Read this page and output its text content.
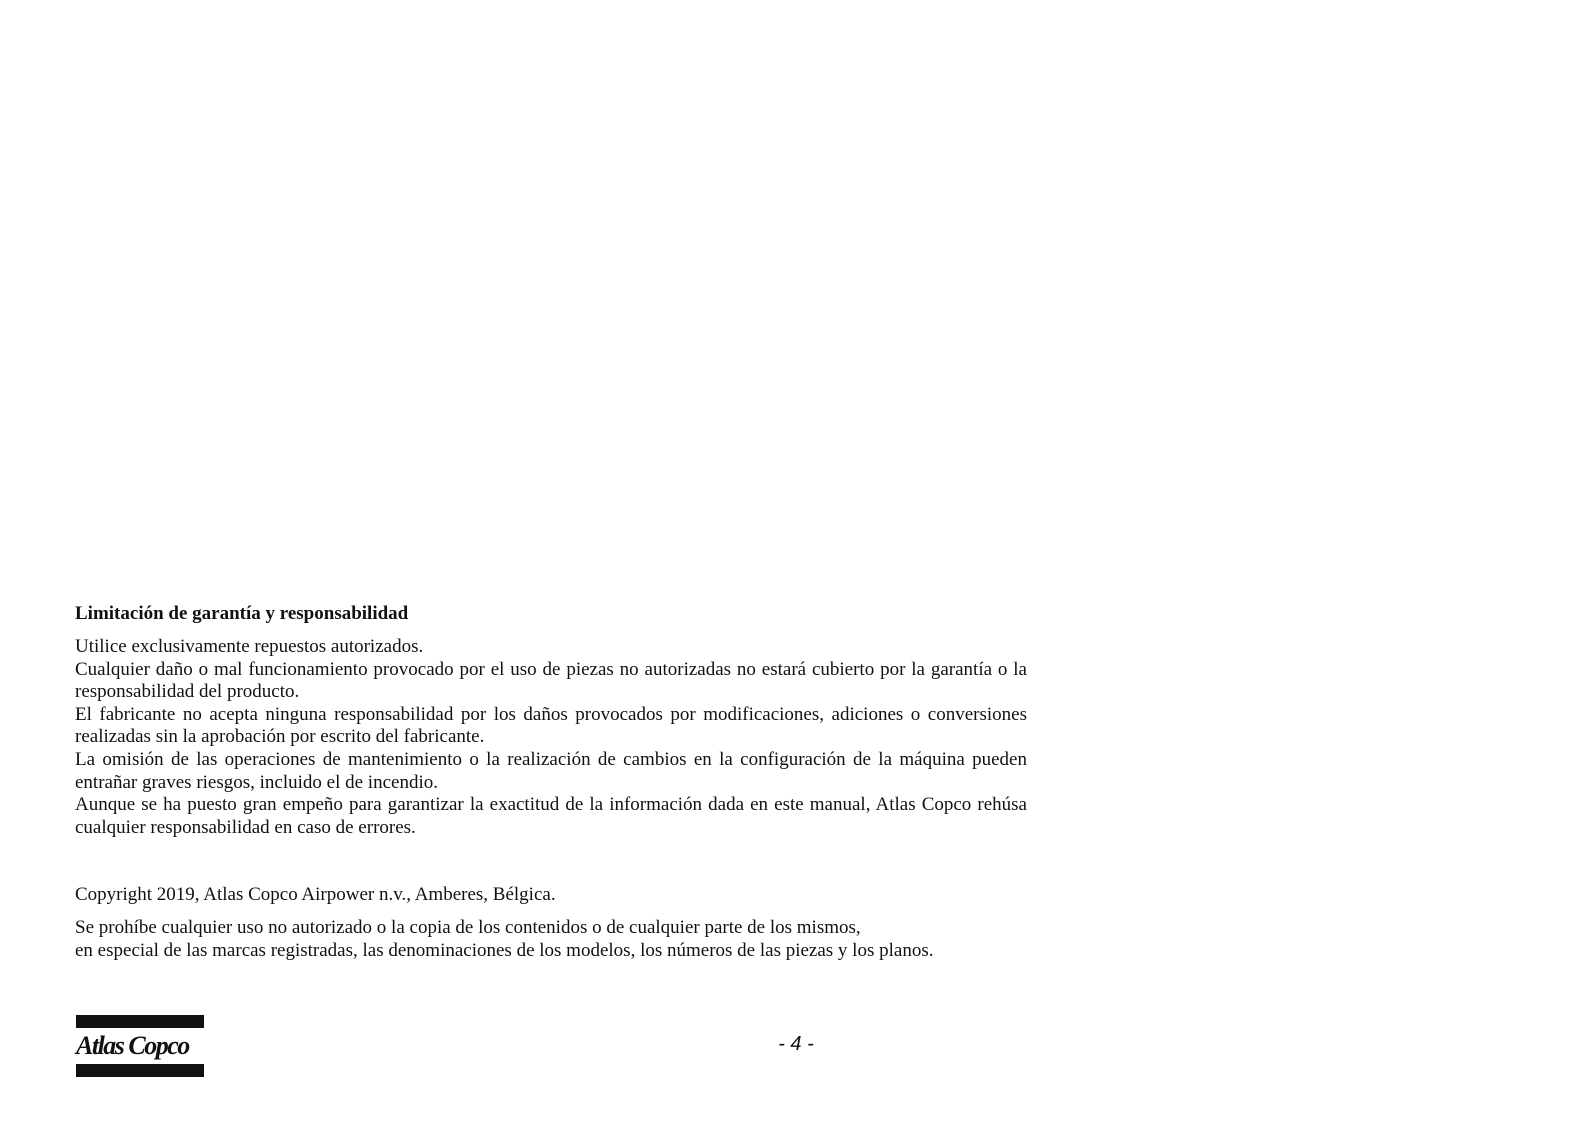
Limitación de garantía y responsabilidad

Utilice exclusivamente repuestos autorizados.

Cualquier daño o mal funcionamiento provocado por el uso de piezas no autorizadas no estará cubierto por la garantía o la responsabilidad del producto.

El fabricante no acepta ninguna responsabilidad por los daños provocados por modificaciones, adiciones o conversiones realizadas sin la aprobación por escrito del fabricante.

La omisión de las operaciones de mantenimiento o la realización de cambios en la configuración de la máquina pueden entrañar graves riesgos, incluido el de incendio.

Aunque se ha puesto gran empeño para garantizar la exactitud de la información dada en este manual, Atlas Copco rehúsa cualquier responsabilidad en caso de errores.

Copyright 2019, Atlas Copco Airpower n.v., Amberes, Bélgica.

Se prohíbe cualquier uso no autorizado o la copia de los contenidos o de cualquier parte de los mismos,
en especial de las marcas registradas, las denominaciones de los modelos, los números de las piezas y los planos.

Atlas Copco	- 4 -
